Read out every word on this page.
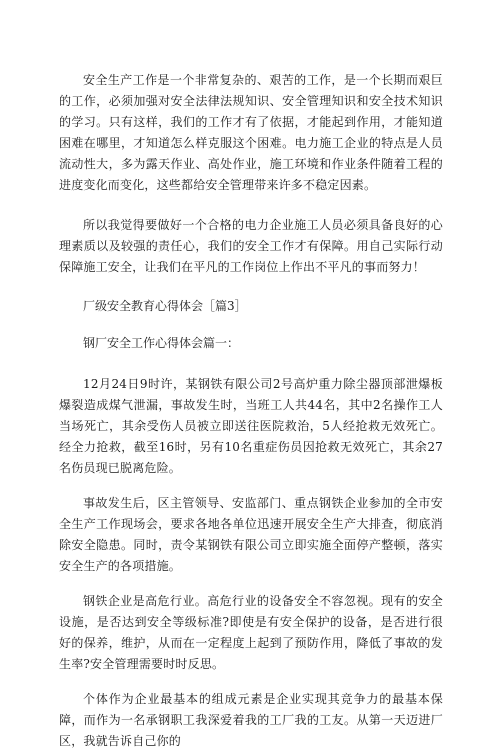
安全生产工作是一个非常复杂的、艰苦的工作，是一个长期而艰巨的工作，必须加强对安全法律法规知识、安全管理知识和安全技术知识的学习。只有这样，我们的工作才有了依据，才能起到作用，才能知道困难在哪里，才知道怎么样克服这个困难。电力施工企业的特点是人员流动性大，多为露天作业、高处作业，施工环境和作业条件随着工程的进度变化而变化，这些都给安全管理带来许多不稳定因素。

所以我觉得要做好一个合格的电力企业施工人员必须具备良好的心理素质以及较强的责任心，我们的安全工作才有保障。用自己实际行动保障施工安全，让我们在平凡的工作岗位上作出不平凡的事而努力！

厂级安全教育心得体会［篇3］

钢厂安全工作心得体会篇一：

12月24日9时许，某钢铁有限公司2号高炉重力除尘器顶部泄爆板爆裂造成煤气泄漏，事故发生时，当班工人共44名，其中2名操作工人当场死亡，其余受伤人员被立即送往医院救治，5人经抢救无效死亡。经全力抢救，截至16时，另有10名重症伤员因抢救无效死亡，其余27名伤员现已脱离危险。

事故发生后，区主管领导、安监部门、重点钢铁企业参加的全市安全生产工作现场会，要求各地各单位迅速开展安全生产大排查，彻底消除安全隐患。同时，责令某钢铁有限公司立即实施全面停产整顿，落实安全生产的各项措施。

钢铁企业是高危行业。高危行业的设备安全不容忽视。现有的安全设施，是否达到安全等级标准?即使是有安全保护的设备，是否进行很好的保养，维护，从而在一定程度上起到了预防作用，降低了事故的发生率?安全管理需要时时反思。

个体作为企业最基本的组成元素是企业实现其竞争力的最基本保障，而作为一名承钢职工我深爱着我的工厂我的工友。从第一天迈进厂区，我就告诉自己你的
